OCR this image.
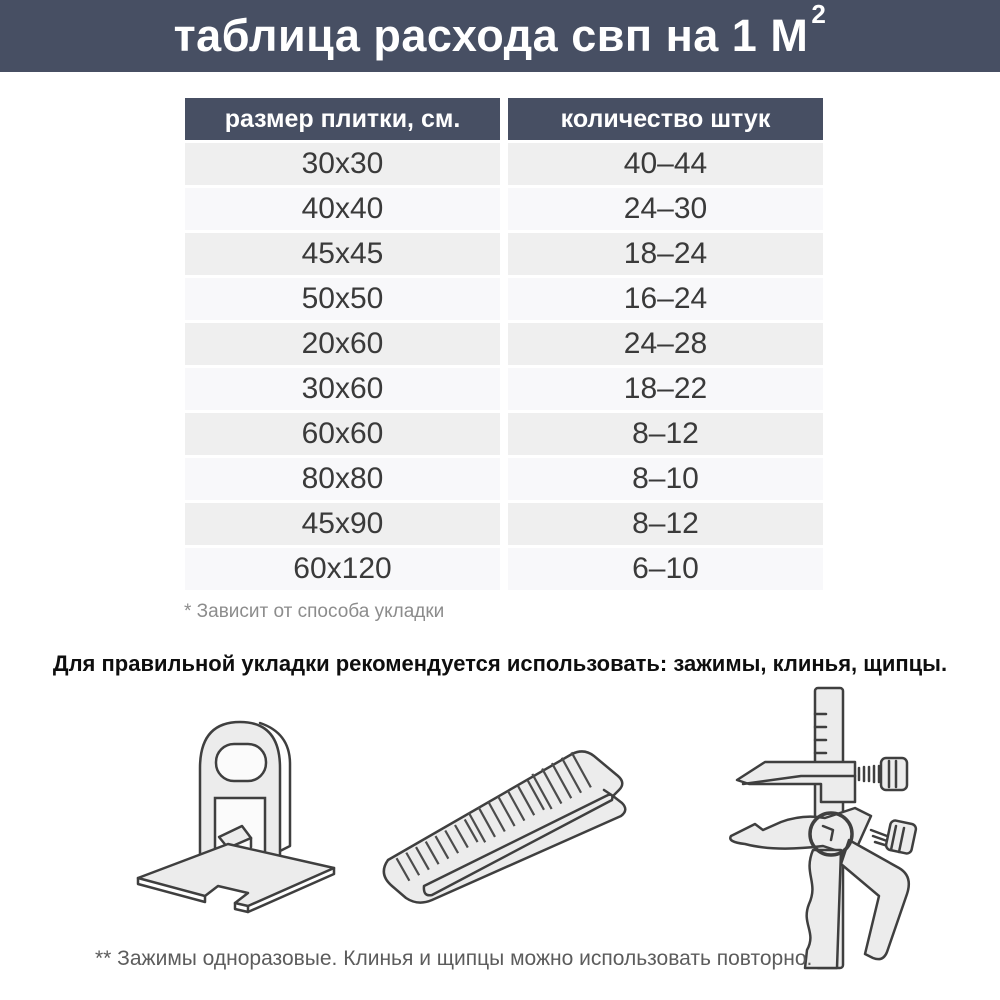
таблица расхода свп на 1 М $^2$
размер плитки, см.	количество штук
30x30	40–44
40x40	24–30
45x45	18–24
50x50	16–24
20x60	24–28
30x60	18–22
60x60	8–12
80x80	8–10
45x90	8–12
60x120	6–10
* Зависит от способа укладки
Для правильной укладки рекомендуется использовать: зажимы, клинья, щипцы.
** Зажимы одноразовые. Клинья и щипцы можно использовать повторно.
